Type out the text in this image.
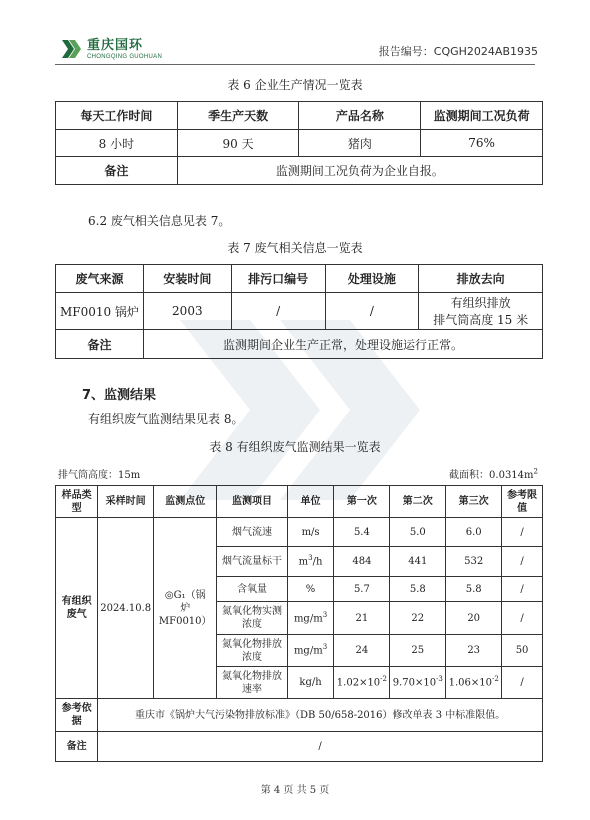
重庆国环
CHONGQING GUOHUAN	报告编号：CQGH2024AB1935
表 6 企业生产情况一览表
每天工作时间	季生产天数	产品名称	监测期间工况负荷
8 小时	90 天	猪肉	76%
备注	监测期间工况负荷为企业自报。		
6.2 废气相关信息见表 7。
表 7 废气相关信息一览表
废气来源	安装时间	排污口编号	处理设施	排放去向
MF0010 锅炉	2003	/	/	有组织排放
排气筒高度 15 米

备注	监测期间企业生产正常，处理设施运行正常。			
7、监测结果
有组织废气监测结果见表 8。
表 8 有组织废气监测结果一览表
排气筒高度：15m	截面积：$0.0314m^2$
样品类型	采样时间	监测点位	监测项目	单位	第一次	第二次	第三次	参考限值
有组织废气	2024.10.8	◎G₁（锅
炉
MF0010）	烟气流速	m/s	5.4	5.0	6.0	/
			烟气流量标干	$m^3/h$	484	441	532	/
			含氧量	%	5.7	5.8	5.8	/
			氮氧化物实测浓度	$mg/m^3$	21	22	20	/
			氮氧化物排放浓度	$mg/m^3$	24	25	23	50
			氮氧化物排放速率	kg/h	$1.02\times 10^{-2}$	$9.70\times 10^{-3}$	$1.06\times 10^{-2}$	/
参考依据	重庆市《锅炉大气污染物排放标准》（DB 50/658-2016）修改单表 3 中标准限值。							
备注	/							
第 4 页 共 5 页
